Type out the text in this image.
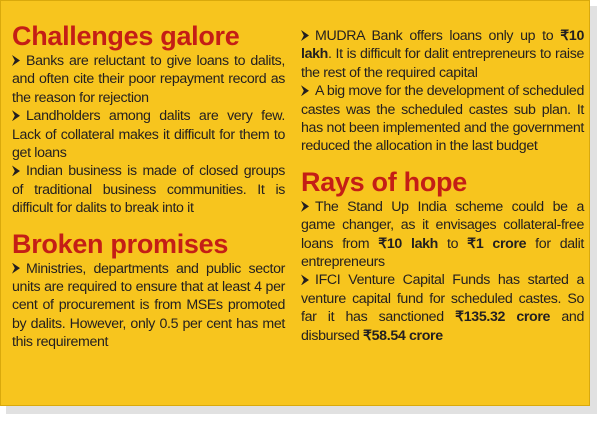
Challenges galore

Banks are reluctant to give loans to dalits, and often cite their poor repayment record as the reason for rejection

Landholders among dalits are very few. Lack of collateral makes it difficult for them to get loans

Indian business is made of closed groups of traditional business communities. It is difficult for dalits to break into it

Broken promises

Ministries, departments and public sector units are required to ensure that at least 4 per cent of procurement is from MSEs promoted by dalits. However, only 0.5 per cent has met this requirement

MUDRA Bank offers loans only up to ₹10 lakh. It is difficult for dalit entrepreneurs to raise the rest of the required capital

A big move for the development of scheduled castes was the scheduled castes sub plan. It has not been implemented and the government reduced the allocation in the last budget

Rays of hope

The Stand Up India scheme could be a game changer, as it envisages collateral-free loans from ₹10 lakh to ₹1 crore for dalit entrepreneurs

IFCI Venture Capital Funds has started a venture capital fund for scheduled castes. So far it has sanctioned ₹135.32 crore and disbursed ₹58.54 crore
